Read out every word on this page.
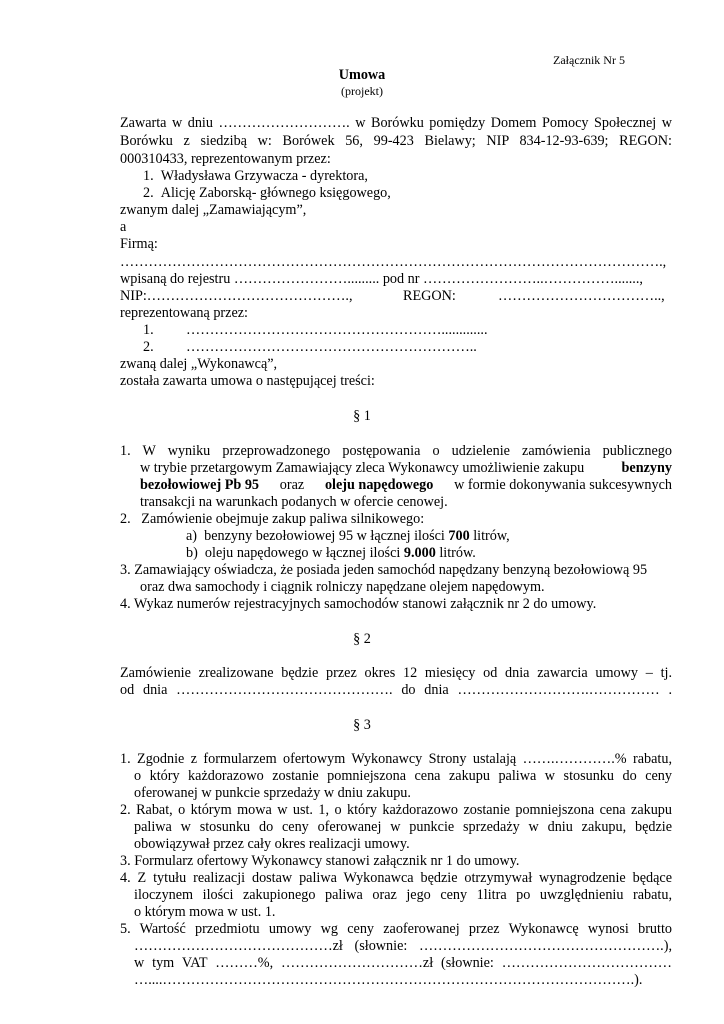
Załącznik Nr 5
Umowa
(projekt)
Zawarta w dniu ………………………. w Borówku pomiędzy Domem Pomocy Społecznej w
Borówku z siedzibą w: Borówek 56, 99-423 Bielawy; NIP 834-12-93-639; REGON:
000310433, reprezentowanym przez:
1.  Władysława Grzywacza - dyrektora,
2.  Alicję Zaborską- głównego księgowego,
zwanym dalej „Zamawiającym”,
a
Firmą:
…………………………………………………………………………………………………….,
wpisaną do rejestru ……………………......... pod nr ……………………..…………….......,
NIP:…………………………………….,	REGON:	……………………………..,
reprezentowaną przez:
1. ……………………………………………….............
2. ……………………………………………………..
zwaną dalej „Wykonawcą”,
została zawarta umowa o następującej treści:
§ 1
1. W wyniku przeprowadzonego postępowania o udzielenie zamówienia publicznego
w trybie przetargowym Zamawiający zleca Wykonawcy umożliwienie zakupu	benzyny
bezołowiowej Pb 95 oraz oleju napędowego w formie dokonywania sukcesywnych
transakcji na warunkach podanych w ofercie cenowej.
2.   Zamówienie obejmuje zakup paliwa silnikowego:
a)  benzyny bezołowiowej 95 w łącznej ilości 700 litrów,
b)  oleju napędowego w łącznej ilości 9.000 litrów.
3. Zamawiający oświadcza, że posiada jeden samochód napędzany benzyną bezołowiową 95
oraz dwa samochody i ciągnik rolniczy napędzane olejem napędowym.
4. Wykaz numerów rejestracyjnych samochodów stanowi załącznik nr 2 do umowy.
§ 2
Zamówienie zrealizowane będzie przez okres 12 miesięcy od dnia zawarcia umowy – tj.
od dnia ………………………………………. do dnia ……………………….…………… .
§ 3
1. Zgodnie z formularzem ofertowym Wykonawcy Strony ustalają …….………….% rabatu,
o który każdorazowo zostanie pomniejszona cena zakupu paliwa w stosunku do ceny
oferowanej w punkcie sprzedaży w dniu zakupu.
2. Rabat, o którym mowa w ust. 1, o który każdorazowo zostanie pomniejszona cena zakupu
paliwa w stosunku do ceny oferowanej w punkcie sprzedaży w dniu zakupu, będzie
obowiązywał przez cały okres realizacji umowy.
3. Formularz ofertowy Wykonawcy stanowi załącznik nr 1 do umowy.
4. Z tytułu realizacji dostaw paliwa Wykonawca będzie otrzymywał wynagrodzenie będące
iloczynem ilości zakupionego paliwa oraz jego ceny 1litra po uwzględnieniu rabatu,
o którym mowa w ust. 1.
5. Wartość przedmiotu umowy wg ceny zaoferowanej przez Wykonawcę wynosi brutto
……………………………………zł (słownie: …………………………………………….),
w tym VAT ………%, …………………………zł (słownie: ………………………………
…....……………………………………………………………………………………….).
